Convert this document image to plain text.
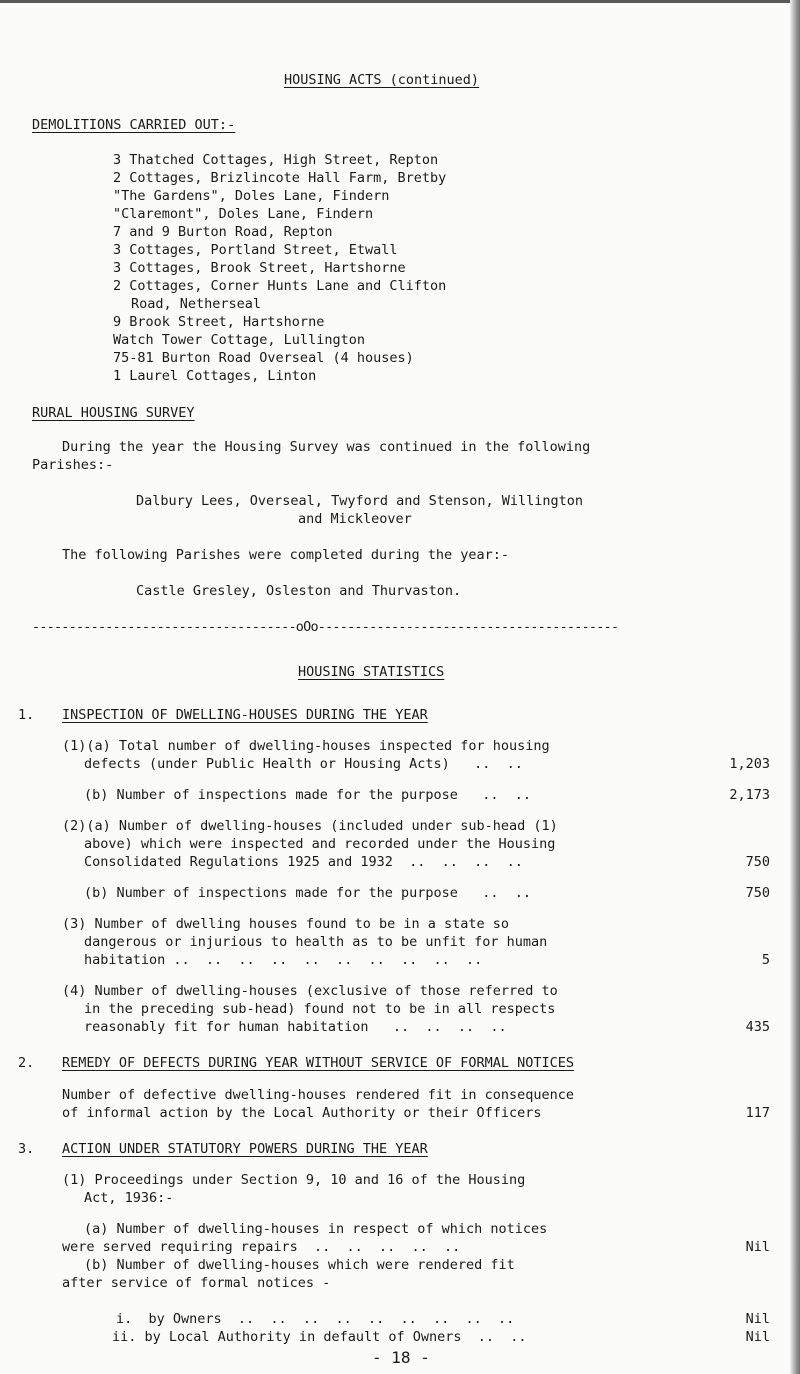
HOUSING ACTS (continued)
DEMOLITIONS CARRIED OUT:-
3 Thatched Cottages, High Street, Repton
2 Cottages, Brizlincote Hall Farm, Bretby
"The Gardens", Doles Lane, Findern
"Claremont", Doles Lane, Findern
7 and 9 Burton Road, Repton
3 Cottages, Portland Street, Etwall
3 Cottages, Brook Street, Hartshorne
2 Cottages, Corner Hunts Lane and Clifton
Road, Netherseal
9 Brook Street, Hartshorne
Watch Tower Cottage, Lullington
75-81 Burton Road Overseal (4 houses)
1 Laurel Cottages, Linton
RURAL HOUSING SURVEY
During the year the Housing Survey was continued in the following
Parishes:-
Dalbury Lees, Overseal, Twyford and Stenson, Willington
and Mickleover
The following Parishes were completed during the year:-
Castle Gresley, Osleston and Thurvaston.
------------------------------------oOo-----------------------------------------
HOUSING STATISTICS
1. INSPECTION OF DWELLING-HOUSES DURING THE YEAR
(1)(a) Total number of dwelling-houses inspected for housing
defects (under Public Health or Housing Acts)   ..  ..	1,203
(b) Number of inspections made for the purpose   ..  ..	2,173
(2)(a) Number of dwelling-houses (included under sub-head (1)
above) which were inspected and recorded under the Housing
Consolidated Regulations 1925 and 1932  ..  ..  ..  ..	750
(b) Number of inspections made for the purpose   ..  ..	750
(3) Number of dwelling houses found to be in a state so
dangerous or injurious to health as to be unfit for human
habitation ..  ..  ..  ..  ..  ..  ..  ..  ..  ..	5
(4) Number of dwelling-houses (exclusive of those referred to
in the preceding sub-head) found not to be in all respects
reasonably fit for human habitation   ..  ..  ..  ..	435
2. REMEDY OF DEFECTS DURING YEAR WITHOUT SERVICE OF FORMAL NOTICES
Number of defective dwelling-houses rendered fit in consequence
of informal action by the Local Authority or their Officers	117
3. ACTION UNDER STATUTORY POWERS DURING THE YEAR
(1) Proceedings under Section 9, 10 and 16 of the Housing
Act, 1936:-
(a) Number of dwelling-houses in respect of which notices
were served requiring repairs  ..  ..  ..  ..  ..	Nil
(b) Number of dwelling-houses which were rendered fit
after service of formal notices -
i.  by Owners  ..  ..  ..  ..  ..  ..  ..  ..  ..	Nil
ii. by Local Authority in default of Owners  ..  ..	Nil
- 18 -
